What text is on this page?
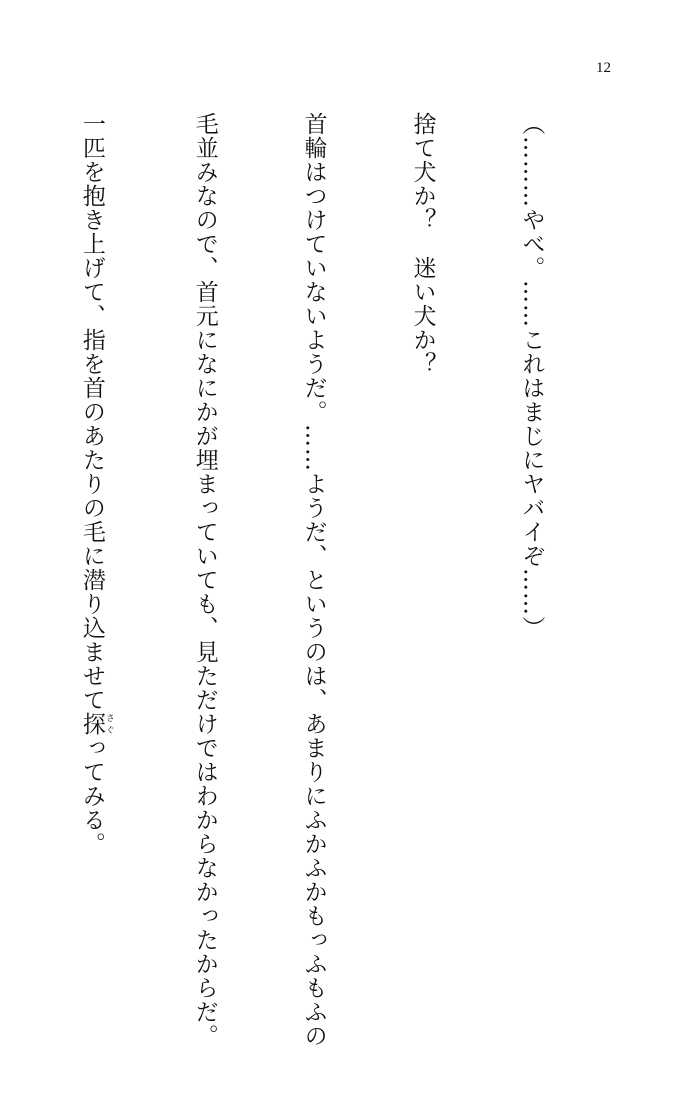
12

（………やべ。……これはまじにヤバイぞ……）

捨て犬か？　迷い犬か？

首輪はつけていないようだ。……ようだ、というのは、あまりにふかふかもっふもふの

毛並みなので、首元になにかが埋まっていても、見ただけではわからなかったからだ。

一匹を抱き上げて、指を首のあたりの毛に潜り込ませて探 さぐってみる。
